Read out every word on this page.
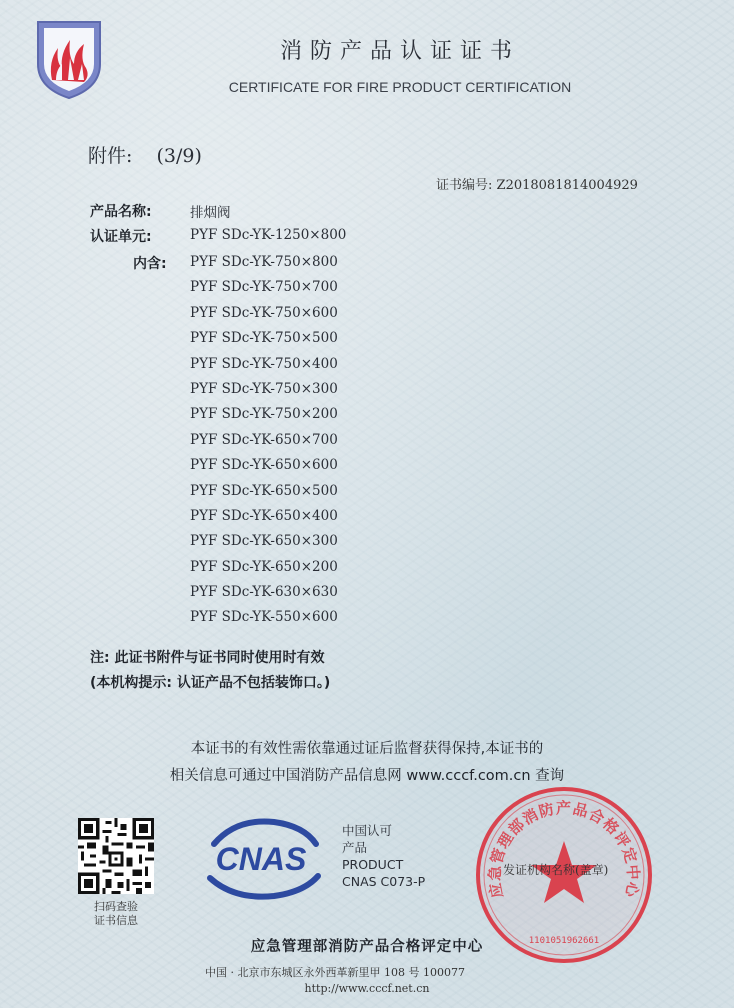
消防产品认证证书
CERTIFICATE FOR FIRE PRODUCT CERTIFICATION
附件: (3/9)
证书编号: Z2018081814004929
产品名称:	排烟阀
认证单元:	PYF SDc-YK-1250×800
内含: PYF SDc-YK-750×800
PYF SDc-YK-750×700
PYF SDc-YK-750×600
PYF SDc-YK-750×500
PYF SDc-YK-750×400
PYF SDc-YK-750×300
PYF SDc-YK-750×200
PYF SDc-YK-650×700
PYF SDc-YK-650×600
PYF SDc-YK-650×500
PYF SDc-YK-650×400
PYF SDc-YK-650×300
PYF SDc-YK-650×200
PYF SDc-YK-630×630
PYF SDc-YK-550×600
注: 此证书附件与证书同时使用时有效
(本机构提示: 认证产品不包括装饰口。)
本证书的有效性需依靠通过证后监督获得保持,本证书的
相关信息可通过中国消防产品信息网 www.cccf.com.cn 查询
扫码查验
证书信息
CNAS
中国认可
产品
PRODUCT
CNAS C073-P	应急管理部消防产品合格评定中心
1101051962661
发证机构名称(盖章)
应急管理部消防产品合格评定中心
中国 · 北京市东城区永外西革新里甲 108 号 100077
http://www.cccf.net.cn
